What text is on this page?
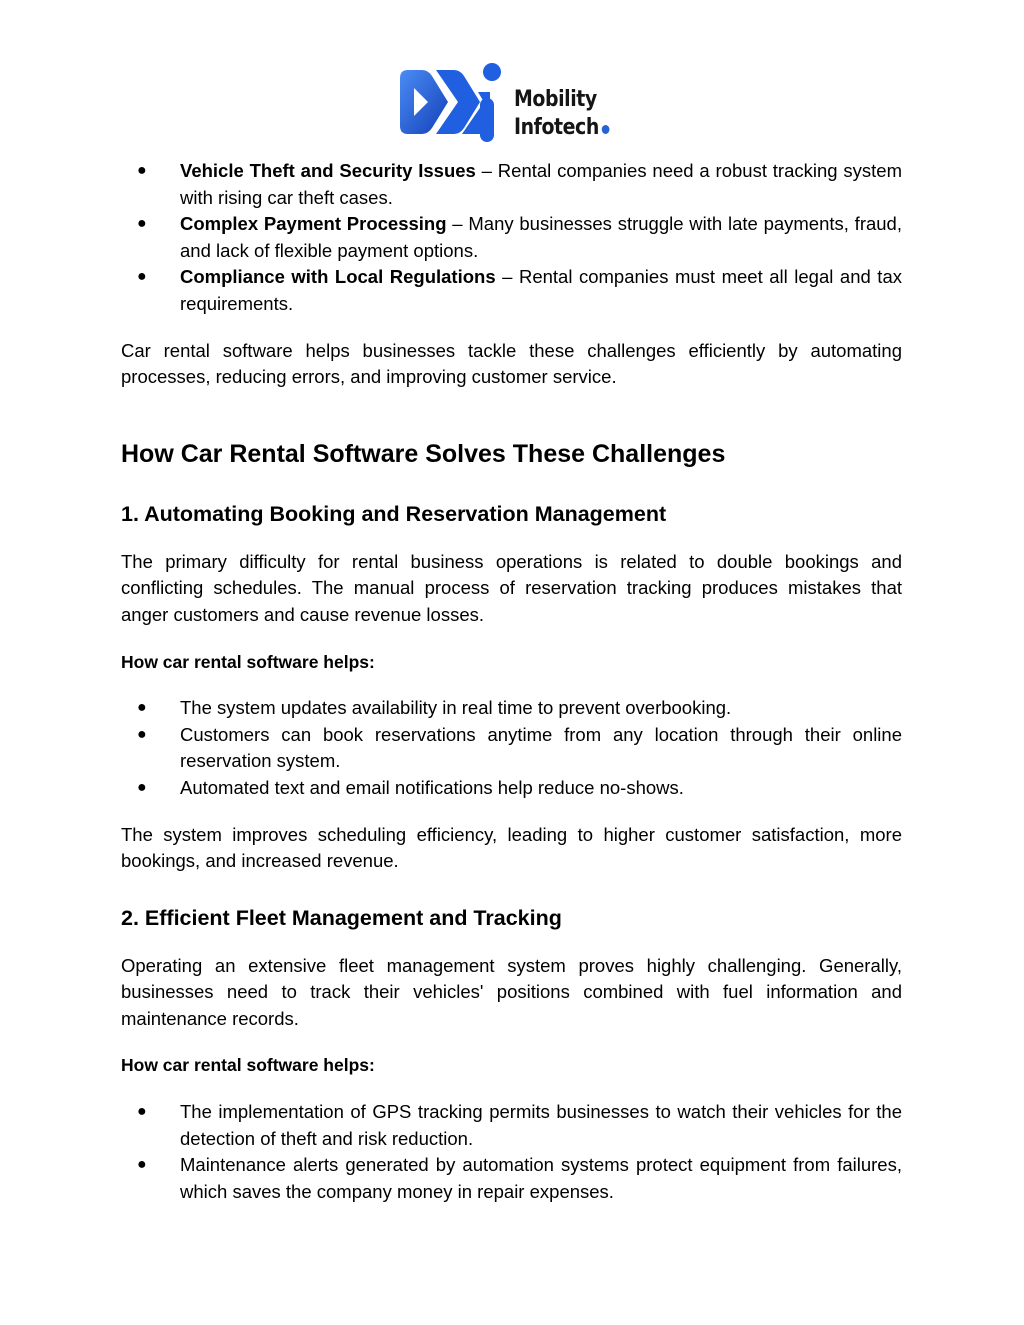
Mobility
Infotech
● Vehicle Theft and Security Issues – Rental companies need a robust tracking system with rising car theft cases.
● Complex Payment Processing – Many businesses struggle with late payments, fraud, and lack of flexible payment options.
● Compliance with Local Regulations – Rental companies must meet all legal and tax requirements.

Car rental software helps businesses tackle these challenges efficiently by automating processes, reducing errors, and improving customer service.

How Car Rental Software Solves These Challenges
1. Automating Booking and Reservation Management

The primary difficulty for rental business operations is related to double bookings and conflicting schedules. The manual process of reservation tracking produces mistakes that anger customers and cause revenue losses.

How car rental software helps:

● The system updates availability in real time to prevent overbooking.
● Customers can book reservations anytime from any location through their online reservation system.
● Automated text and email notifications help reduce no-shows.

The system improves scheduling efficiency, leading to higher customer satisfaction, more bookings, and increased revenue.

2. Efficient Fleet Management and Tracking

Operating an extensive fleet management system proves highly challenging. Generally, businesses need to track their vehicles' positions combined with fuel information and maintenance records.

How car rental software helps:

● The implementation of GPS tracking permits businesses to watch their vehicles for the detection of theft and risk reduction.
● Maintenance alerts generated by automation systems protect equipment from failures, which saves the company money in repair expenses.
